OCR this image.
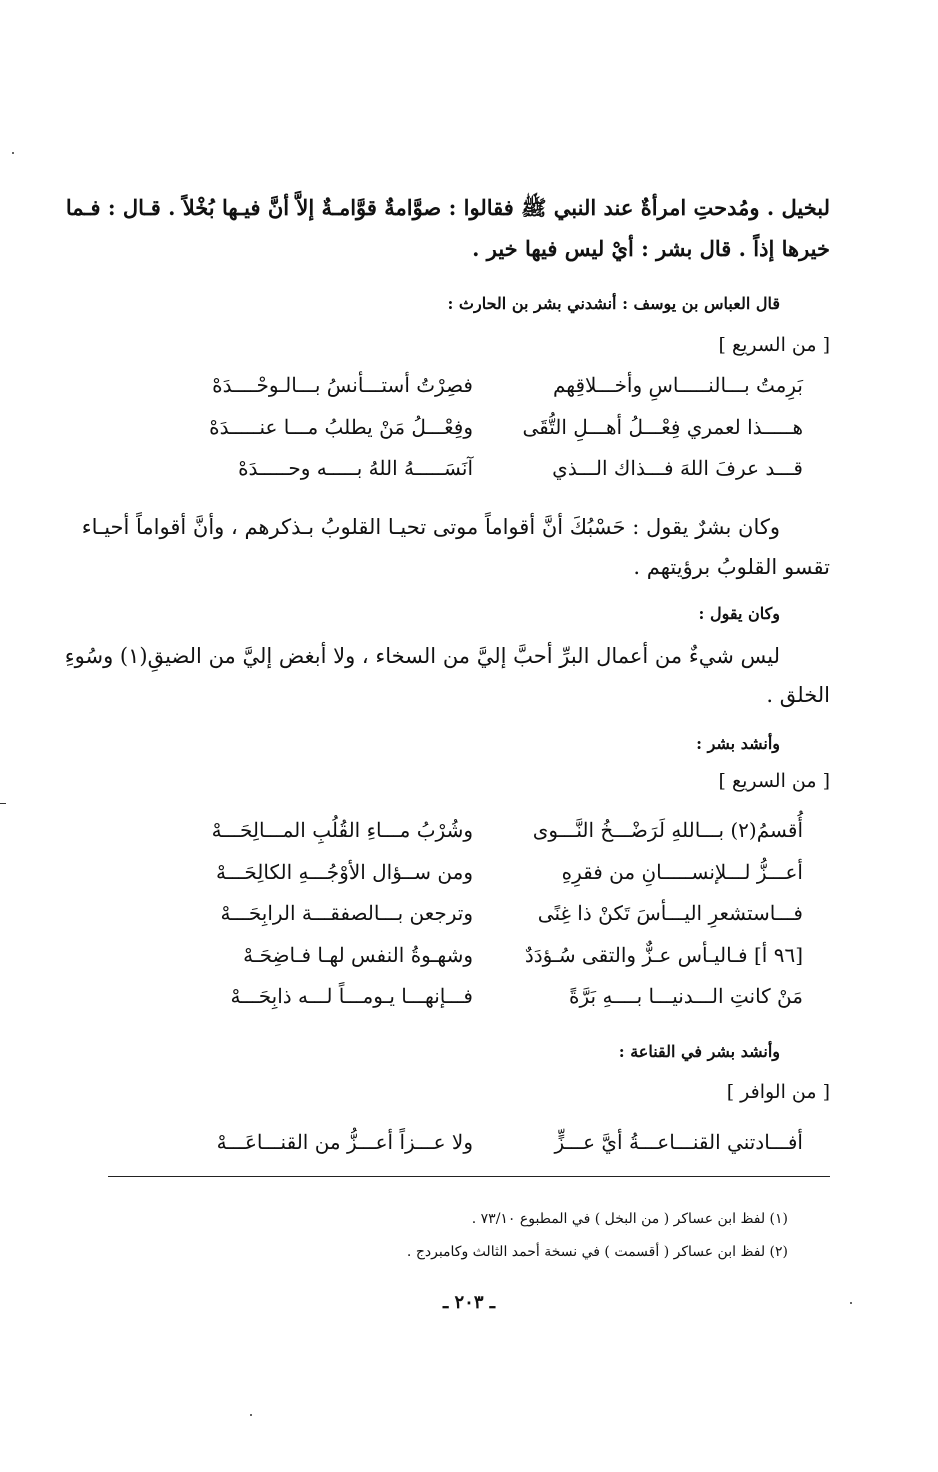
لبخيل . ومُدحتِ امرأةٌ عند النبي ﷺ فقالوا : صوَّامةٌ قوَّامـةٌ إلاَّ أنَّ فيـها بُخْلاً . قـال : فـما
خيرها إذاً . قال بشر : أيْ ليس فيها خير .
قال العباس بن يوسف : أنشدني بشر بن الحارث :
[ من السريع ]
بَرِمتُ بـــالنـــــاسِ وأخـــلاقِهم
فصِرْتُ أستـــأنسُ بـــالـوحْــــدَهْ
هـــــذا لعمري فِعْـــلُ أهـــلِ التُّقَى
وفِعْـــلُ مَنْ يطلبُ مـــا عنـــــدَهْ
قـــد عرفَ اللهَ فـــذاك الـــذي
آنَسَـــــهُ اللهُ بـــــه وحـــــدَهْ
وكان بشرٌ يقول : حَسْبُكَ أنَّ أقواماً موتى تحيـا القلوبُ بـذكرهم ، وأنَّ أقواماً أحيـاء
تقسو القلوبُ برؤيتهم .
وكان يقول :
ليس شيءٌ من أعمال البرِّ أحبَّ إليَّ من السخاء ، ولا أبغض إليَّ من الضيقِ(١) وسُوءِ
الخلق .
وأنشد بشر :
[ من السريع ]
أُقسمُ(٢) بـــاللهِ لَرَضْـــخُ النَّـــوى
وشُرْبُ مـــاءِ القُلُبِ المـــالِحَـــهْ
أعـــزُّ لـــلإنســـــانِ من فقرِهِ
ومن ســؤال الأوْجُـــهِ الكالِحَـــهْ
فـــاستشعرِ اليـــأسَ تَكنْ ذا غِنًى
وترجعن بـــالصفقـــة الرابِحَـــهْ
[٩٦ أ] فـاليـأس عـزٌّ والتقى سُـؤدَدٌ
وشهـوةُ النفس لهـا فـاضِحَـهْ
مَنْ كانتِ الـــدنيـــا بــــهِ بَرَّةً
فـــإنهـــا يـومـــاً لـــه ذابِحَـــهْ
وأنشد بشر في القناعة :
[ من الوافر ]
أفـــادتني القنـــاعـــةُ أيَّ عـــزٍّ
ولا عـــزاً أعـــزُّ من القنـــاعَـــهْ
(١) لفظ ابن عساكر ( من البخل ) في المطبوع ٧٣/١٠ .
(٢) لفظ ابن عساكر ( أقسمت ) في نسخة أحمد الثالث وكامبردج .
ـ ٢٠٣ ـ
